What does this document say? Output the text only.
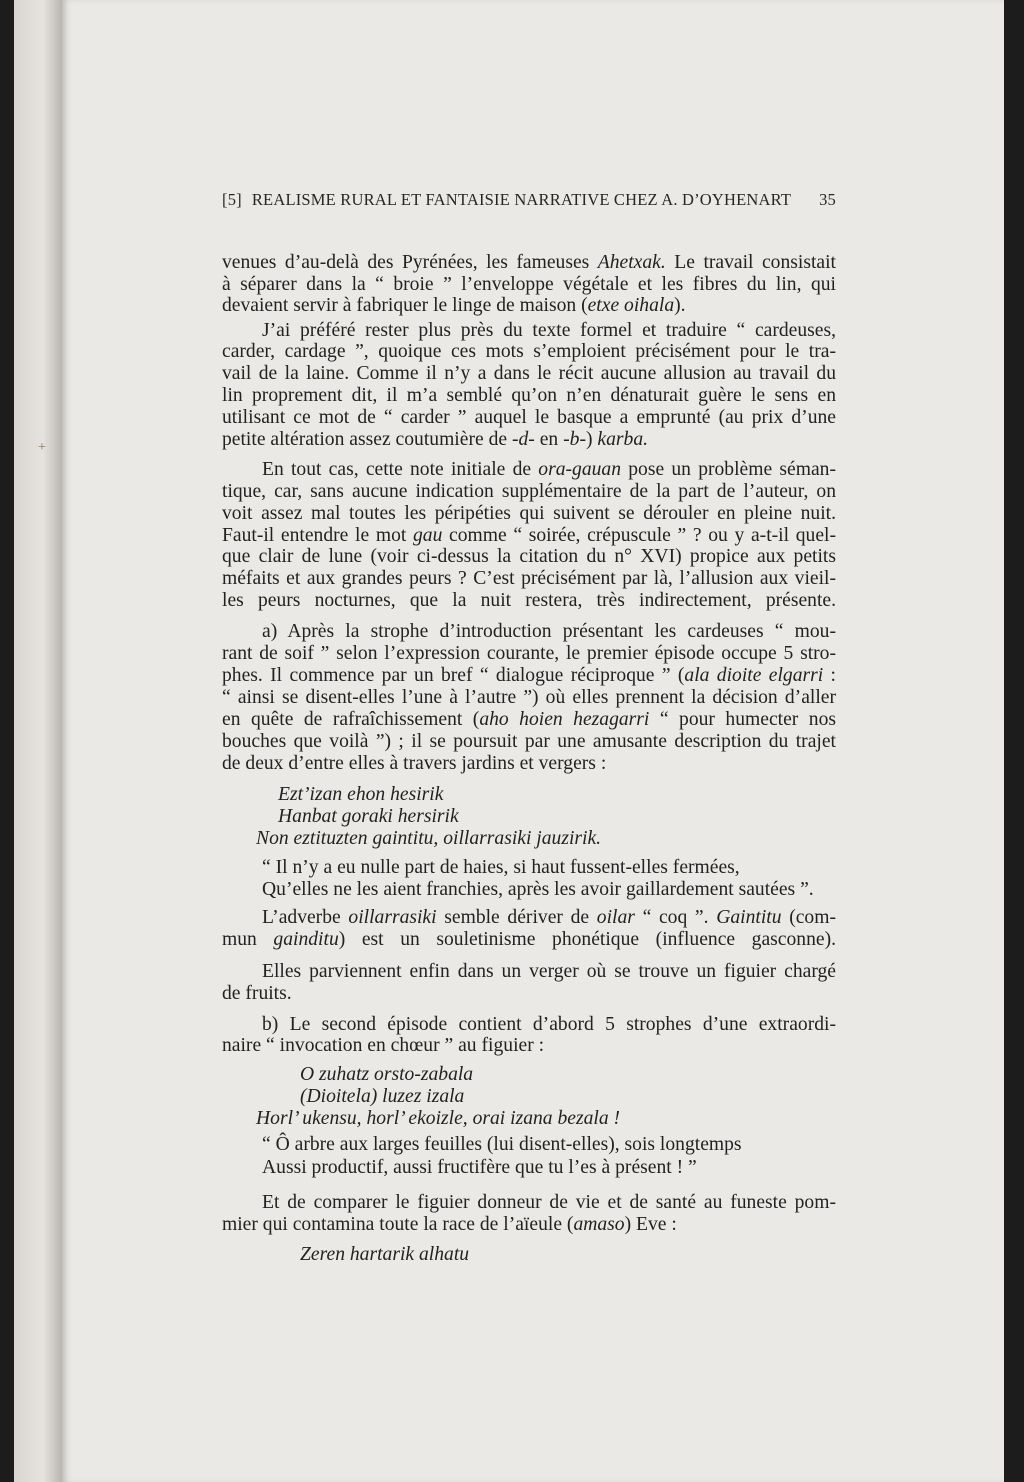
+
[5] REALISME RURAL ET FANTAISIE NARRATIVE CHEZ A. D’OYHENART	35
venues d’au-delà des Pyrénées, les fameuses Ahetxak. Le travail consistait
à séparer dans la “ broie ” l’enveloppe végétale et les fibres du lin, qui
devaient servir à fabriquer le linge de maison (etxe oihala).
J’ai préféré rester plus près du texte formel et traduire “ cardeuses,
carder, cardage ”, quoique ces mots s’emploient précisément pour le tra-
vail de la laine. Comme il n’y a dans le récit aucune allusion au travail du
lin proprement dit, il m’a semblé qu’on n’en dénaturait guère le sens en
utilisant ce mot de “ carder ” auquel le basque a emprunté (au prix d’une
petite altération assez coutumière de -d- en -b-) karba.
En tout cas, cette note initiale de ora-gauan pose un problème séman-
tique, car, sans aucune indication supplémentaire de la part de l’auteur, on
voit assez mal toutes les péripéties qui suivent se dérouler en pleine nuit.
Faut-il entendre le mot gau comme “ soirée, crépuscule ” ? ou y a-t-il quel-
que clair de lune (voir ci-dessus la citation du n° XVI) propice aux petits
méfaits et aux grandes peurs ? C’est précisément par là, l’allusion aux vieil-
les peurs nocturnes, que la nuit restera, très indirectement, présente.
a) Après la strophe d’introduction présentant les cardeuses “ mou-
rant de soif ” selon l’expression courante, le premier épisode occupe 5 stro-
phes. Il commence par un bref “ dialogue réciproque ” (ala dioite elgarri :
“ ainsi se disent-elles l’une à l’autre ”) où elles prennent la décision d’aller
en quête de rafraîchissement (aho hoien hezagarri “ pour humecter nos
bouches que voilà ”) ; il se poursuit par une amusante description du trajet
de deux d’entre elles à travers jardins et vergers :
Ezt’izan ehon hesirik
Hanbat goraki hersirik
Non eztituzten gaintitu, oillarrasiki jauzirik.
“ Il n’y a eu nulle part de haies, si haut fussent-elles fermées,
Qu’elles ne les aient franchies, après les avoir gaillardement sautées ”.
L’adverbe oillarrasiki semble dériver de oilar “ coq ”. Gaintitu (com-
mun gainditu) est un souletinisme phonétique (influence gasconne).
Elles parviennent enfin dans un verger où se trouve un figuier chargé
de fruits.
b) Le second épisode contient d’abord 5 strophes d’une extraordi-
naire “ invocation en chœur ” au figuier :
O zuhatz orsto-zabala
(Dioitela) luzez izala
Horl’ ukensu, horl’ ekoizle, orai izana bezala !
“ Ô arbre aux larges feuilles (lui disent-elles), sois longtemps
Aussi productif, aussi fructifère que tu l’es à présent ! ”
Et de comparer le figuier donneur de vie et de santé au funeste pom-
mier qui contamina toute la race de l’aïeule (amaso) Eve :
Zeren hartarik alhatu
